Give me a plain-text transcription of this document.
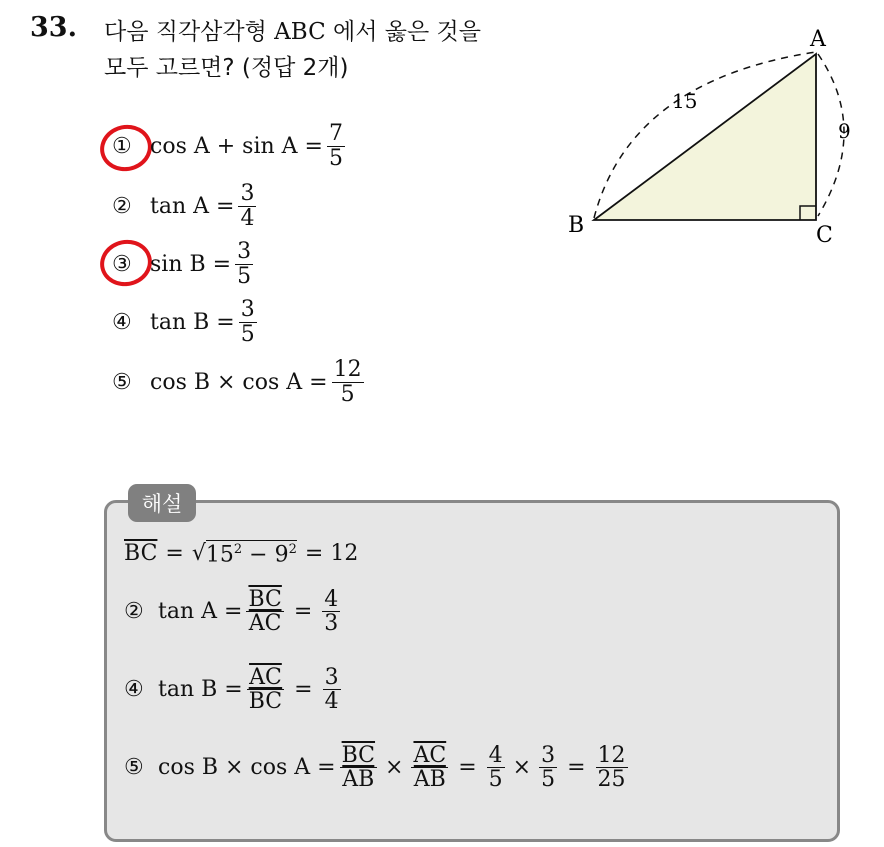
33. 다음 직각삼각형 ABC 에서 옳은 것을
모두 고르면? (정답 2개)
① $\cos A + \sin A = \frac{7}{5}$
② $\tan A = \frac{3}{4}$
③ $\sin B = \frac{3}{5}$
④ $\tan B = \frac{3}{5}$
⑤ $\cos B \times \cos A = \frac{12}{5}$
A
B	C
15
9
해설
$\overline{BC}$ = √ $15^2 - 9^2 = 12$
② $\tan A = \frac{\overline{BC}}{AC} = \frac{4}{3}$
④ $\tan B = \frac{\overline{AC}}{BC} = \frac{3}{4}$
⑤ $\cos B \times \cos A = \frac{\overline{BC}}{AB} \times \frac{\overline{AC}}{AB} = \frac{4}{5} \times \frac{3}{5} = \frac{12}{25}$
